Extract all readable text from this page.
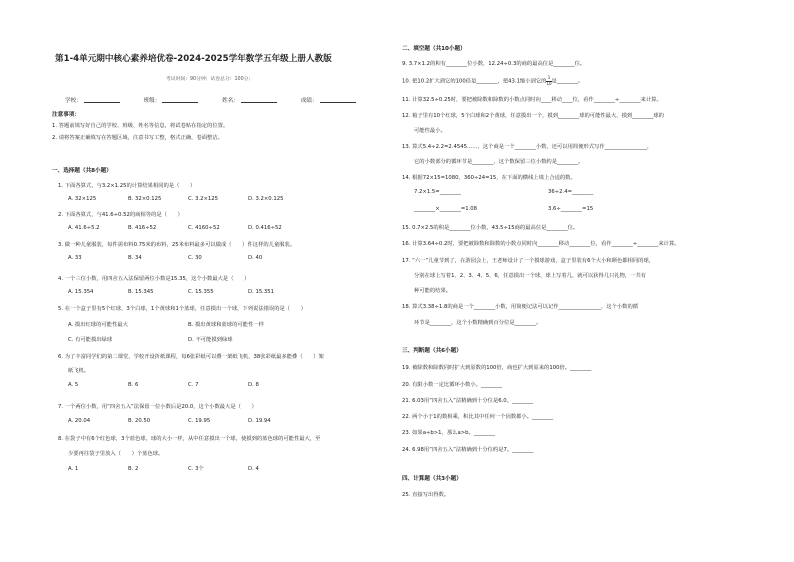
第1-4单元期中核心素养培优卷-2024-2025学年数学五年级上册人教版
考试时间：90分钟；试卷总分：100分；
学校：	班级：	姓名：	成绩：
注意事项：
1. 答题前填写好自己的学校、班级、姓名等信息，将试卷贴在指定的位置。
2. 请将答案正确填写在答题区域，注意书写工整，格式正确，卷面整洁。
一、选择题（共8小题）
1. 下面各算式，与3.2×1.25的计算结果相同的是（　　）
A. 32×125	B. 32×0.125	C. 3.2×125	D. 3.2×0.125
2. 下面各算式，与41.6÷0.52的商相等的是（　　）
A. 41.6÷5.2	B. 416÷52	C. 4160÷52	D. 0.416÷52
3. 做一种儿童服装，每件需布料0.75米的布料，25米布料最多可以做成（　　）件这样的儿童服装。
A. 33	B. 34	C. 30	D. 40
4. 一个三位小数，用四舍五入法保留两位小数是15.35，这个小数最大是（　　）
A. 15.354	B. 15.345	C. 15.355	D. 15.351
5. 在一个盒子里有5个红球，3个白球，1个黄球和1个蓝球，任意摸出一个球，下列说法错误的是（　　）
A. 摸出红球的可能性最大	B. 摸出黄球和蓝球的可能性一样
C. 有可能摸出绿球	D. 不可能摸到绿球
6. 为了丰富同学们的第二课堂，学校开设折纸课程，每6张彩纸可以叠一架纸飞机，38张彩纸最多能叠（　　）架
纸飞机。
A. 5	B. 6	C. 7	D. 8
7. 一个两位小数，用“四舍五入”法保留一位小数后是20.0，这个小数最大是（　　）
A. 20.04	B. 20.50	C. 19.95	D. 19.94
8. 在袋子中有6个红色球，3个蓝色球，球的大小一样，从中任意摸出一个球，使摸到的蓝色球的可能性最大，至
少要再往袋子里放入（　　）个蓝色球。
A. 1	B. 2	C. 3个	D. 4
二、填空题（共10小题）
9. 3.7×1.2的积有________位小数，12.24÷0.3的商的最高位是________位。
10. 把10.2扩大到它的100倍是________，把43.1缩小到它的 $\frac{1}{10}$是________。
11. 计算32.5÷0.25时，要把被除数和除数的小数点同时向____移动____位，看作________÷________来计算。
12. 箱子里有10个红球，5个白球和2个黄球，任意摸出一个，摸到________球的可能性最大，摸到________球的
可能性最小。
13. 算式5.4÷2.2=2.4545……，这个商是一个________小数，还可以用简便形式写作________________，
它的小数部分的循环节是________，这个数保留三位小数约是________。
14. 根据72×15=1080，360÷24=15，在下面的横线上填上合适的数。
7.2×1.5=________	36÷2.4=________
________×________=1.08	3.6÷________=15
15. 0.7×2.5的积是________位小数，43.5÷15商的最高位是________位。
16. 计算3.64÷0.2时，要把被除数和除数的小数点同时向________移动________位，看作________÷________来计算。
17. “六一”儿童节到了，在游园会上，王老师设计了一个摸球游戏，盒子里装有6个大小和颜色都相同的球，
分别在球上写着1、2、3、4、5、6，任意摸出一个球，球上写着几，就可以获得几只礼物，一共有
种可能的结果。
18. 算式3.38÷1.8的商是一个________小数，用简便记法可以记作________________，这个小数的循
环节是________，这个小数精确到百分位是________。
三、判断题（共6小题）
19. 被除数和除数同时扩大到原数的100倍，商也扩大到原来的100倍。________
20. 有限小数一定比循环小数小。________
21. 6.03用“四舍五入”法精确到十分位是6.0。________
22. 两个小于1的数相乘，积比其中任何一个因数都小。________
23. 如果a÷b>1，那么a>b。________
24. 6.98用“四舍五入”法精确到十分位约是7。________
四、计算题（共3小题）
25. 直接写出得数。
